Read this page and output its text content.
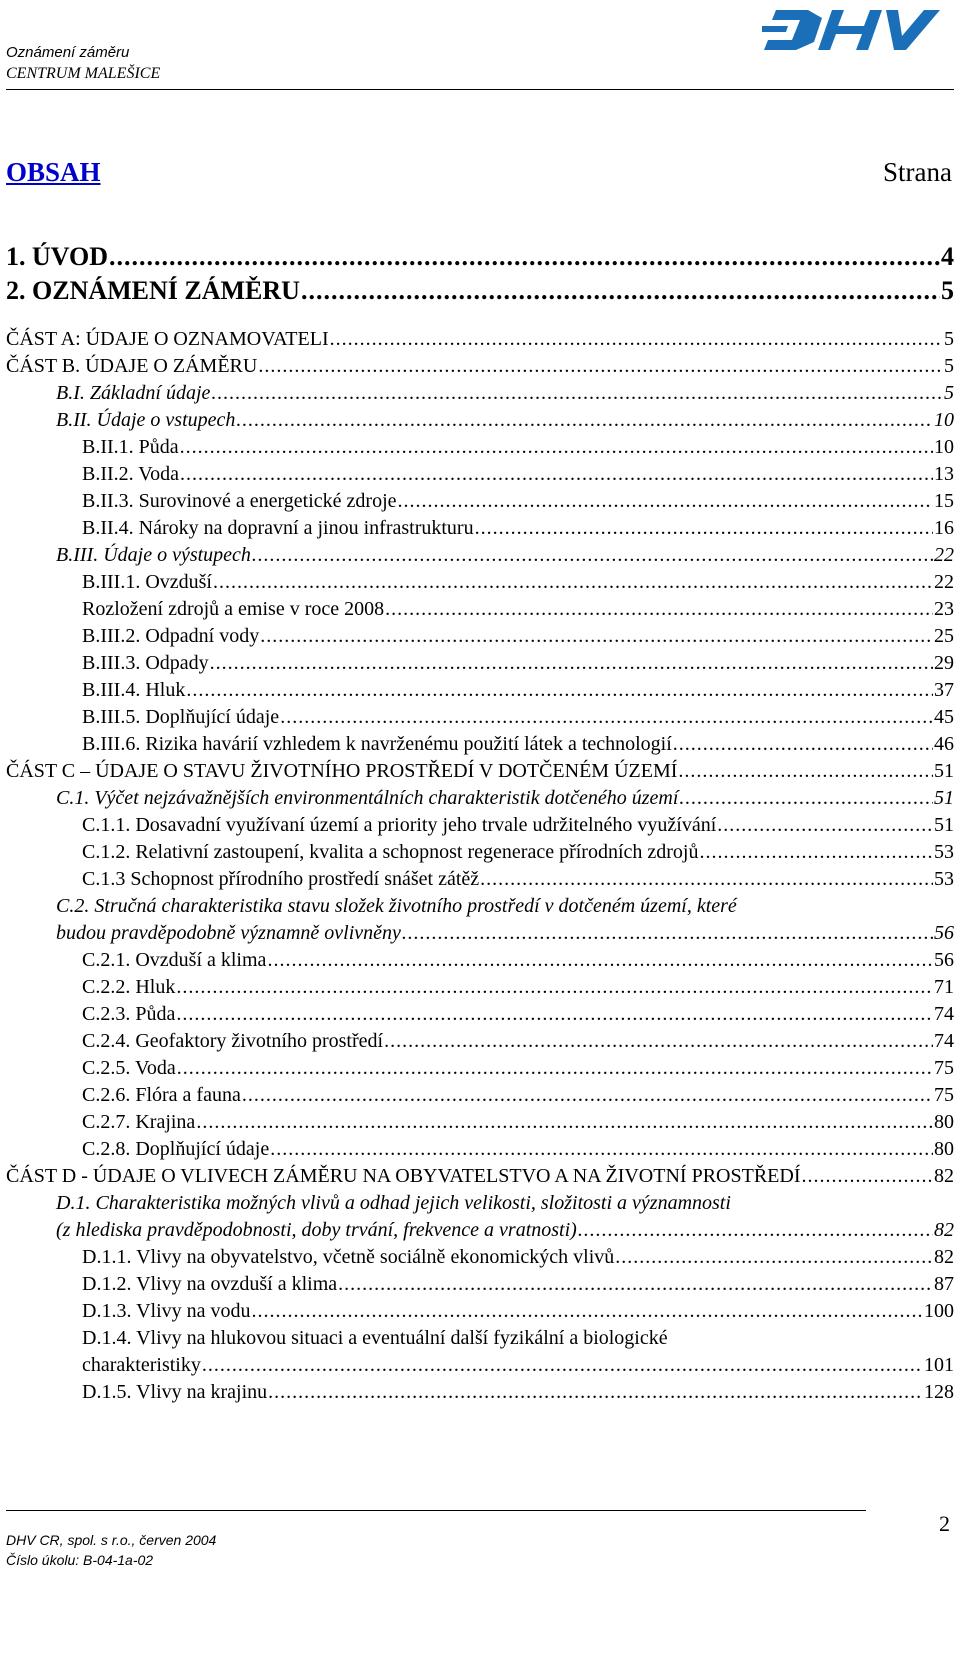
Oznámení záměru
CENTRUM MALEŠICE
OBSAH	Strana
1. ÚVOD .....	4
2. OZNÁMENÍ ZÁMĚRU .....	5
ČÁST A: ÚDAJE O OZNAMOVATELI .....	5
ČÁST B. ÚDAJE O ZÁMĚRU .....	5
B.I. Základní údaje .....	5
B.II. Údaje o vstupech .....	10
B.II.1. Půda .....	10
B.II.2. Voda .....	13
B.II.3. Surovinové a energetické zdroje .....	15
B.II.4. Nároky na dopravní a jinou infrastrukturu .....	16
B.III. Údaje o výstupech .....	22
B.III.1. Ovzduší .....	22
Rozložení zdrojů a emise v roce 2008 .....	23
B.III.2. Odpadní vody .....	25
B.III.3. Odpady .....	29
B.III.4. Hluk .....	37
B.III.5. Doplňující údaje .....	45
B.III.6. Rizika havárií vzhledem k navrženému použití látek a technologií .....	46
ČÁST C – ÚDAJE O STAVU ŽIVOTNÍHO PROSTŘEDÍ V DOTČENÉM ÚZEMÍ .....	51
C.1. Výčet nejzávažnějších environmentálních charakteristik dotčeného území .....	51
C.1.1. Dosavadní využívaní území a priority jeho trvale udržitelného využívání .....	51
C.1.2. Relativní zastoupení, kvalita a schopnost regenerace přírodních zdrojů .....	53
C.1.3 Schopnost přírodního prostředí snášet zátěž .....	53
C.2. Stručná charakteristika stavu složek životního prostředí v dotčeném území, které
budou pravděpodobně významně ovlivněny .....	56
C.2.1. Ovzduší a klima .....	56
C.2.2. Hluk .....	71
C.2.3. Půda .....	74
C.2.4. Geofaktory životního prostředí .....	74
C.2.5. Voda .....	75
C.2.6. Flóra a fauna .....	75
C.2.7. Krajina .....	80
C.2.8. Doplňující údaje .....	80
ČÁST D - ÚDAJE O VLIVECH ZÁMĚRU NA OBYVATELSTVO A NA ŽIVOTNÍ PROSTŘEDÍ .....	82
D.1. Charakteristika možných vlivů a odhad jejich velikosti, složitosti a významnosti
(z hlediska pravděpodobnosti, doby trvání, frekvence a vratnosti) .....	82
D.1.1. Vlivy na obyvatelstvo, včetně sociálně ekonomických vlivů .....	82
D.1.2. Vlivy na ovzduší a klima .....	87
D.1.3. Vlivy na vodu .....	100
D.1.4. Vlivy na hlukovou situaci a eventuální další fyzikální a biologické
charakteristiky .....	101
D.1.5. Vlivy na krajinu .....	128
DHV CR, spol. s r.o., červen 2004
Číslo úkolu: B-04-1a-02
2
